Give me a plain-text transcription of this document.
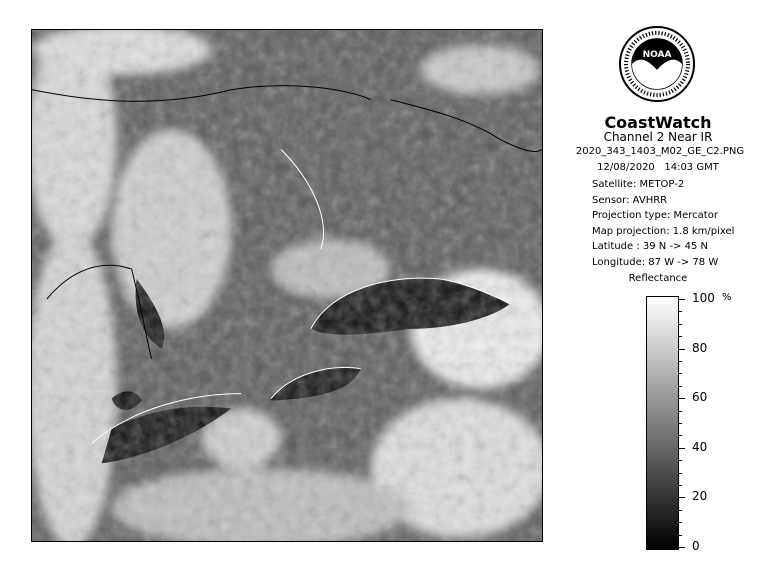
NOAA
CoastWatch
Channel 2 Near IR
2020_343_1403_M02_GE_C2.PNG
12/08/2020 14:03 GMT
Satellite: METOP-2
Sensor: AVHRR
Projection type: Mercator
Map projection: 1.8 km/pixel
Latitude : 39 N -> 45 N
Longitude: 87 W -> 78 W
Reflectance
%
100
80
60
40
20
0
